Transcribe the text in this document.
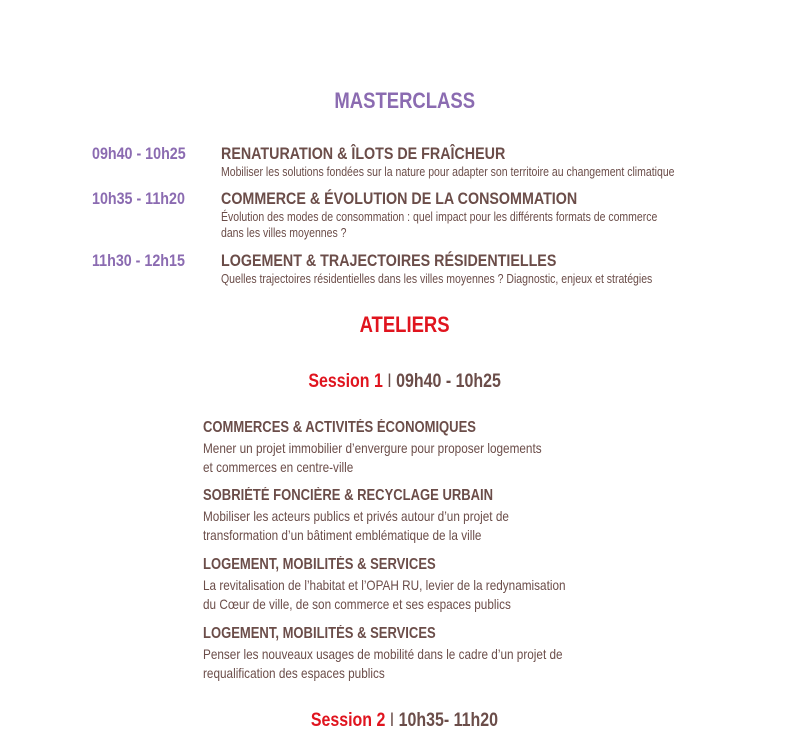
MASTERCLASS
09h40 - 10h25 RENATURATION & ÎLOTS DE FRAÎCHEUR
Mobiliser les solutions fondées sur la nature pour adapter son territoire au changement climatique
10h35 - 11h20 COMMERCE & ÉVOLUTION DE LA CONSOMMATION
Évolution des modes de consommation : quel impact pour les différents formats de commerce
dans les villes moyennes ?
11h30 - 12h15 LOGEMENT & TRAJECTOIRES RÉSIDENTIELLES
Quelles trajectoires résidentielles dans les villes moyennes ? Diagnostic, enjeux et stratégies
ATELIERS
Session 1 I 09h40 - 10h25
COMMERCES & ACTIVITÉS ÉCONOMIQUES
Mener un projet immobilier d’envergure pour proposer logements
et commerces en centre-ville
SOBRIÉTÉ FONCIÈRE & RECYCLAGE URBAIN
Mobiliser les acteurs publics et privés autour d’un projet de
transformation d’un bâtiment emblématique de la ville
LOGEMENT, MOBILITÉS & SERVICES
La revitalisation de l’habitat et l’OPAH RU, levier de la redynamisation
du Cœur de ville, de son commerce et ses espaces publics
LOGEMENT, MOBILITÉS & SERVICES
Penser les nouveaux usages de mobilité dans le cadre d’un projet de
requalification des espaces publics
Session 2 I 10h35- 11h20
